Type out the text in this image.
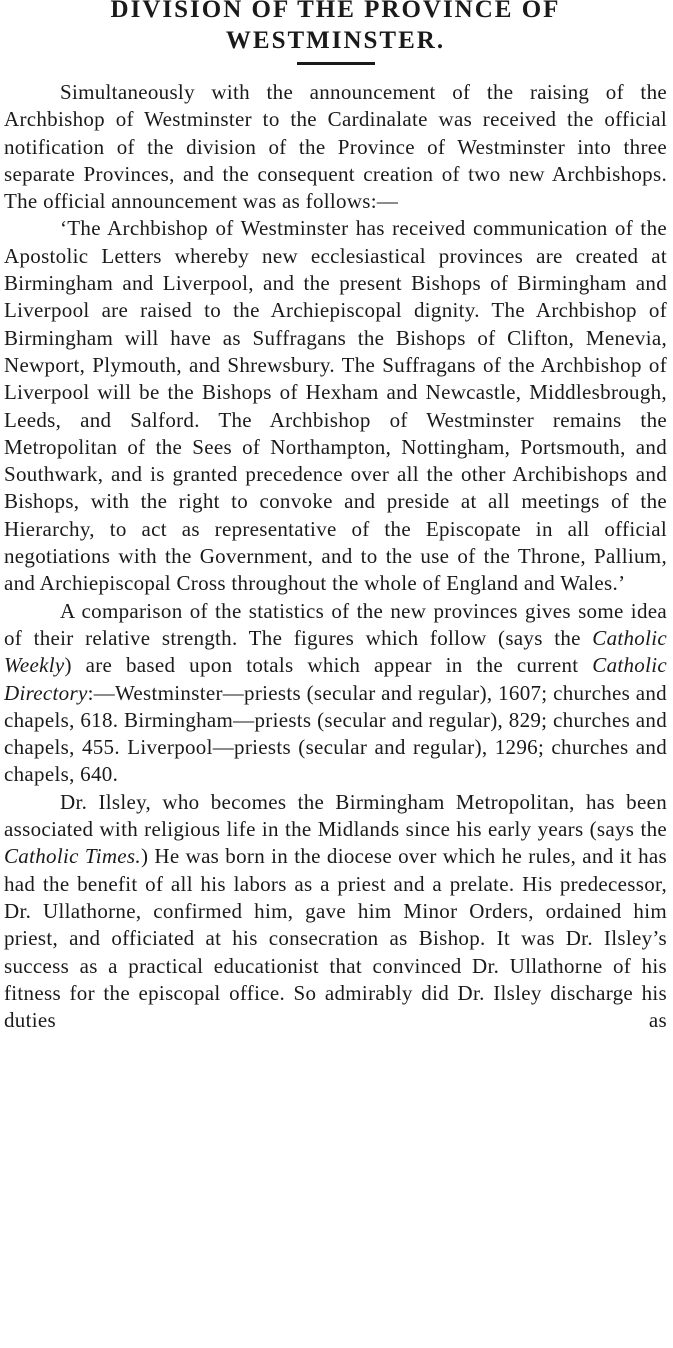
DIVISION OF THE PROVINCE OF
WESTMINSTER.

Simultaneously with the announcement of the raising of the Archbishop of Westminster to the Cardinalate was received the official notification of the division of the Province of Westminster into three separate Provinces, and the consequent creation of two new Archbishops. The official announcement was as follows:—

‘The Archbishop of Westminster has received communication of the Apostolic Letters whereby new ecclesiastical provinces are created at Birmingham and Liverpool, and the present Bishops of Birmingham and Liverpool are raised to the Archiepiscopal dignity. The Archbishop of Birmingham will have as Suffragans the Bishops of Clifton, Menevia, Newport, Plymouth, and Shrewsbury. The Suffragans of the Archbishop of Liverpool will be the Bishops of Hexham and Newcastle, Middlesbrough, Leeds, and Salford. The Archbishop of Westminster remains the Metropolitan of the Sees of Northampton, Nottingham, Portsmouth, and Southwark, and is granted precedence over all the other Archibishops and Bishops, with the right to convoke and preside at all meetings of the Hierarchy, to act as representative of the Episcopate in all official negotiations with the Government, and to the use of the Throne, Pallium, and Archiepiscopal Cross throughout the whole of England and Wales.’

A comparison of the statistics of the new provinces gives some idea of their relative strength. The figures which follow (says the Catholic Weekly) are based upon totals which appear in the current Catholic Directory:—Westminster—priests (secular and regular), 1607; churches and chapels, 618. Birmingham—priests (secular and regular), 829; churches and chapels, 455. Liverpool—priests (secular and regular), 1296; churches and chapels, 640.

Dr. Ilsley, who becomes the Birmingham Metropolitan, has been associated with religious life in the Midlands since his early years (says the Catholic Times.) He was born in the diocese over which he rules, and it has had the benefit of all his labors as a priest and a prelate. His predecessor, Dr. Ullathorne, confirmed him, gave him Minor Orders, ordained him priest, and officiated at his consecration as Bishop. It was Dr. Ilsley’s success as a practical educationist that convinced Dr. Ullathorne of his fitness for the episcopal office. So admirably did Dr. Ilsley discharge his duties as
